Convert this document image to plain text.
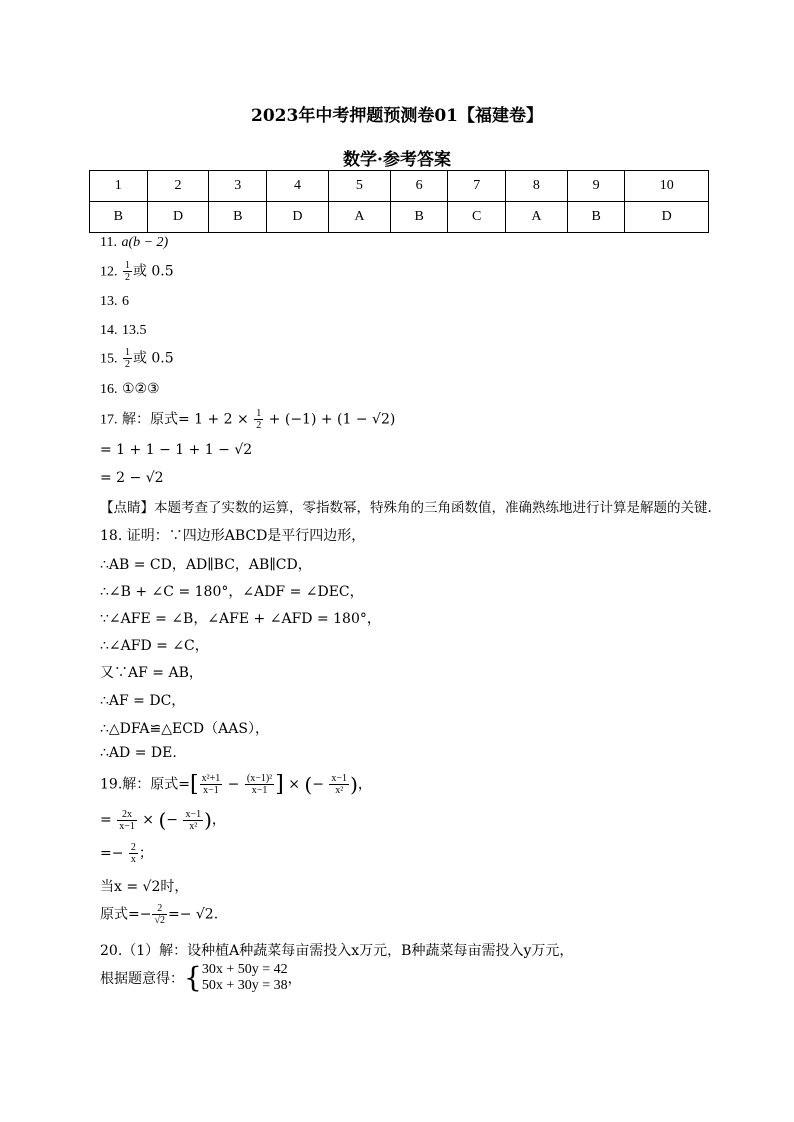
2023年中考押题预测卷01【福建卷】
数学·参考答案
1	2	3	4	5	6	7	8	9	10
B	D	B	D	A	B	C	A	B	D
11. a(b − 2)
12. $\frac{1}{2}$ 或 0.5
13. 6
14. 13.5
15. $\frac{1}{2}$ 或 0.5
16. ①②③
17. 解：原式= $1 + 2 \times \frac{1}{2} + (-1) + (1 - √2)$
= 1 + 1 − 1 + 1 − √2
= 2 − √2
【点睛】本题考查了实数的运算，零指数幂，特殊角的三角函数值，准确熟练地进行计算是解题的关键.
18. 证明：∵四边形ABCD是平行四边形，
∴AB = CD，AD∥BC，AB∥CD，
∴∠B + ∠C = 180°，∠ADF = ∠DEC，
∵∠AFE = ∠B，∠AFE + ∠AFD = 180°，
∴∠AFD = ∠C，
又∵AF = AB，
∴AF = DC，
∴△DFA≌△ECD（AAS），
∴AD = DE.
19.解：原式=[ $\frac{\text{x²+1}}{x-1} - \frac{\text{(x−1)²}}{x-1}$ ] × (− $\frac{x-1}{\text{x²}}$ )，
= $\frac{2x}{x-1}$ × (− $\frac{x-1}{\text{x²}}$ )，
=− $\frac{2}{x}$ ；
当x = √2时，
原式=− $\frac{2}{√2} =- √2$.
20.（1）解：设种植A种蔬菜每亩需投入x万元，B种蔬菜每亩需投入y万元，
根据题意得：{ 30x + 50y = 42
50x + 30y = 38 ，
